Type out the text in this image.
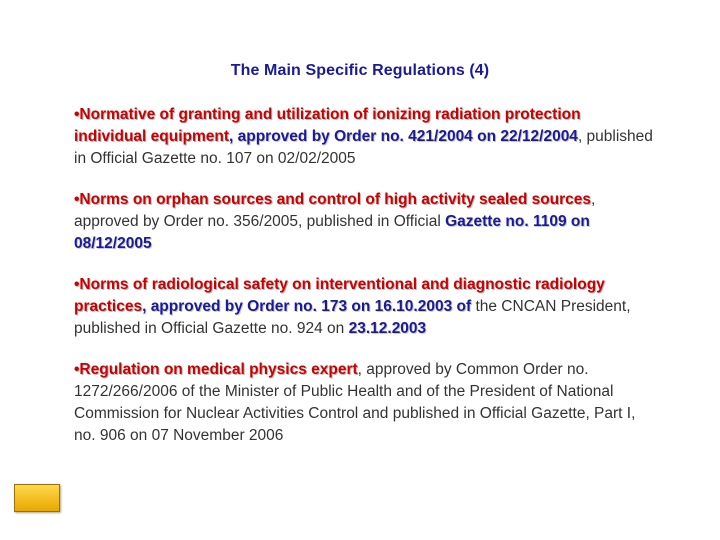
The Main Specific Regulations (4)
•Normative of granting and utilization of ionizing radiation protection individual equipment, approved by Order no. 421/2004 on 22/12/2004, published in Official Gazette no. 107 on 02/02/2005
•Norms on orphan sources and control of high activity sealed sources, approved by Order no. 356/2005, published in Official Gazette no. 1109 on 08/12/2005
•Norms of radiological safety on interventional and diagnostic radiology practices, approved by Order no. 173 on 16.10.2003 of the CNCAN President, published in Official Gazette no. 924 on 23.12.2003
•Regulation on medical physics expert, approved by Common Order no. 1272/266/2006 of the Minister of Public Health and of the President of National Commission for Nuclear Activities Control and published in Official Gazette, Part I, no. 906 on 07 November 2006
